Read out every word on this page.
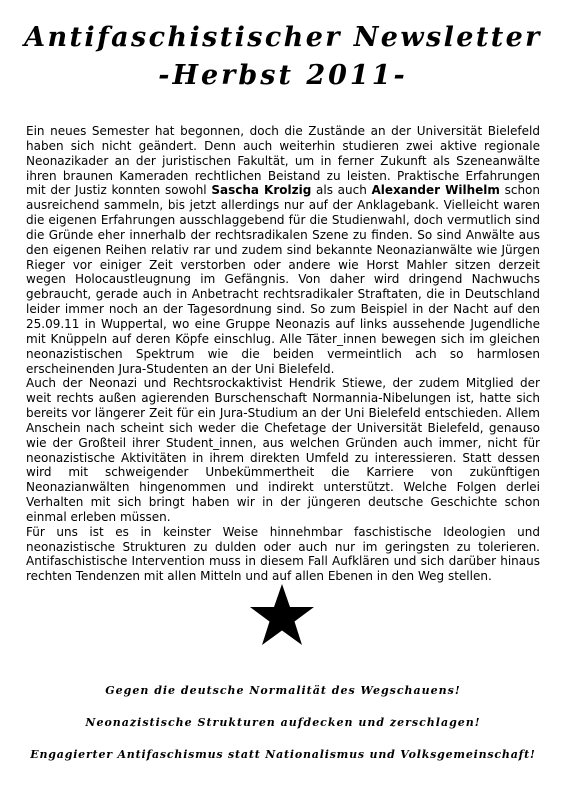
Antifaschistischer Newsletter
-Herbst 2011-

Ein neues Semester hat begonnen, doch die Zustände an der Universität Bielefeld haben sich nicht geändert. Denn auch weiterhin studieren zwei aktive regionale Neonazikader an der juristischen Fakultät, um in ferner Zukunft als Szeneanwälte ihren braunen Kameraden rechtlichen Beistand zu leisten. Praktische Erfahrungen mit der Justiz konnten sowohl Sascha Krolzig als auch Alexander Wilhelm schon ausreichend sammeln, bis jetzt allerdings nur auf der Anklagebank. Vielleicht waren die eigenen Erfahrungen ausschlaggebend für die Studienwahl, doch vermutlich sind die Gründe eher innerhalb der rechtsradikalen Szene zu finden. So sind Anwälte aus den eigenen Reihen relativ rar und zudem sind bekannte Neonazianwälte wie Jürgen Rieger vor einiger Zeit verstorben oder andere wie Horst Mahler sitzen derzeit wegen Holocaustleugnung im Gefängnis. Von daher wird dringend Nachwuchs gebraucht, gerade auch in Anbetracht rechtsradikaler Straftaten, die in Deutschland leider immer noch an der Tagesordnung sind. So zum Beispiel in der Nacht auf den 25.09.11 in Wuppertal, wo eine Gruppe Neonazis auf links aussehende Jugendliche mit Knüppeln auf deren Köpfe einschlug. Alle Täter_innen bewegen sich im gleichen neonazistischen Spektrum wie die beiden vermeintlich ach so harmlosen erscheinenden Jura-Studenten an der Uni Bielefeld.

Auch der Neonazi und Rechtsrockaktivist Hendrik Stiewe, der zudem Mitglied der weit rechts außen agierenden Burschenschaft Normannia-Nibelungen ist, hatte sich bereits vor längerer Zeit für ein Jura-Studium an der Uni Bielefeld entschieden. Allem Anschein nach scheint sich weder die Chefetage der Universität Bielefeld, genauso wie der Großteil ihrer Student_innen, aus welchen Gründen auch immer, nicht für neonazistische Aktivitäten in ihrem direkten Umfeld zu interessieren. Statt dessen wird mit schweigender Unbekümmertheit die Karriere von zukünftigen Neonazianwälten hingenommen und indirekt unterstützt. Welche Folgen derlei Verhalten mit sich bringt haben wir in der jüngeren deutsche Geschichte schon einmal erleben müssen.

Für uns ist es in keinster Weise hinnehmbar faschistische Ideologien und neonazistische Strukturen zu dulden oder auch nur im geringsten zu tolerieren. Antifaschistische Intervention muss in diesem Fall Aufklären und sich darüber hinaus rechten Tendenzen mit allen Mitteln und auf allen Ebenen in den Weg stellen.

Gegen die deutsche Normalität des Wegschauens!
Neonazistische Strukturen aufdecken und zerschlagen!
Engagierter Antifaschismus statt Nationalismus und Volksgemeinschaft!
